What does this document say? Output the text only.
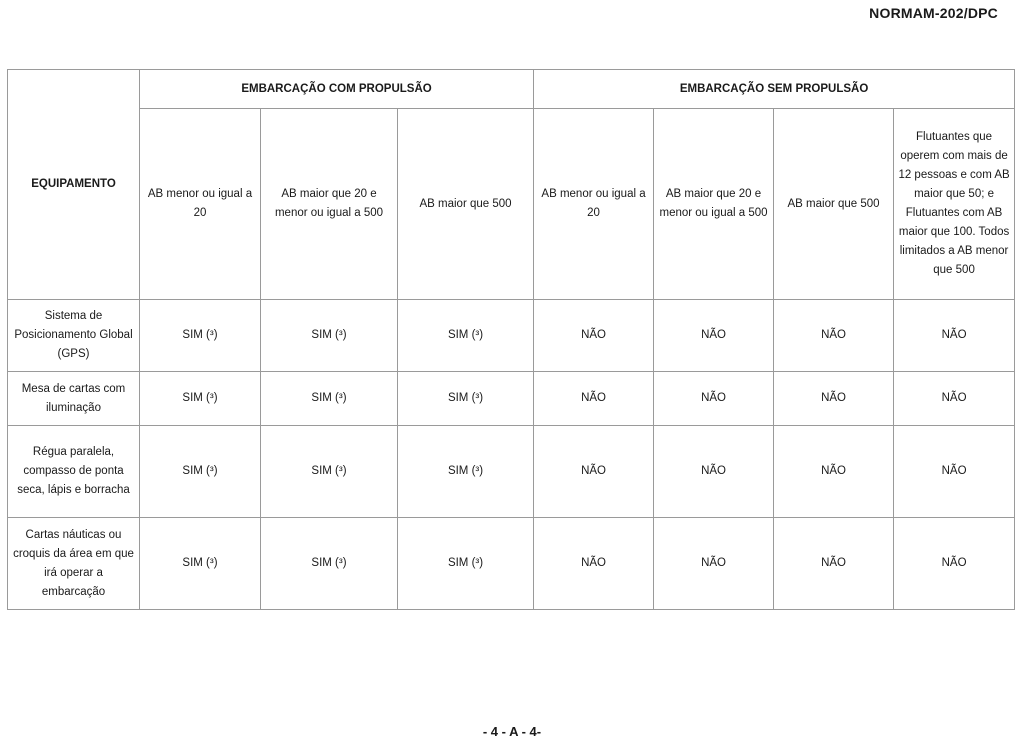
NORMAM-202/DPC
EQUIPAMENTO	EMBARCAÇÃO COM PROPULSÃO			EMBARCAÇÃO SEM PROPULSÃO			
	AB menor ou igual a 20	AB maior que 20 e menor ou igual a 500	AB maior que 500	AB menor ou igual a 20	AB maior que 20 e menor ou igual a 500	AB maior que 500	Flutuantes que operem com mais de 12 pessoas e com AB maior que 50; e Flutuantes com AB maior que 100. Todos limitados a AB menor que 500
Sistema de Posicionamento Global (GPS)	SIM (³)	SIM (³)	SIM (³)	NÃO	NÃO	NÃO	NÃO
Mesa de cartas com iluminação	SIM (³)	SIM (³)	SIM (³)	NÃO	NÃO	NÃO	NÃO
Régua paralela, compasso de ponta seca, lápis e borracha	SIM (³)	SIM (³)	SIM (³)	NÃO	NÃO	NÃO	NÃO
Cartas náuticas ou croquis da área em que irá operar a embarcação	SIM (³)	SIM (³)	SIM (³)	NÃO	NÃO	NÃO	NÃO
- 4 - A - 4-
